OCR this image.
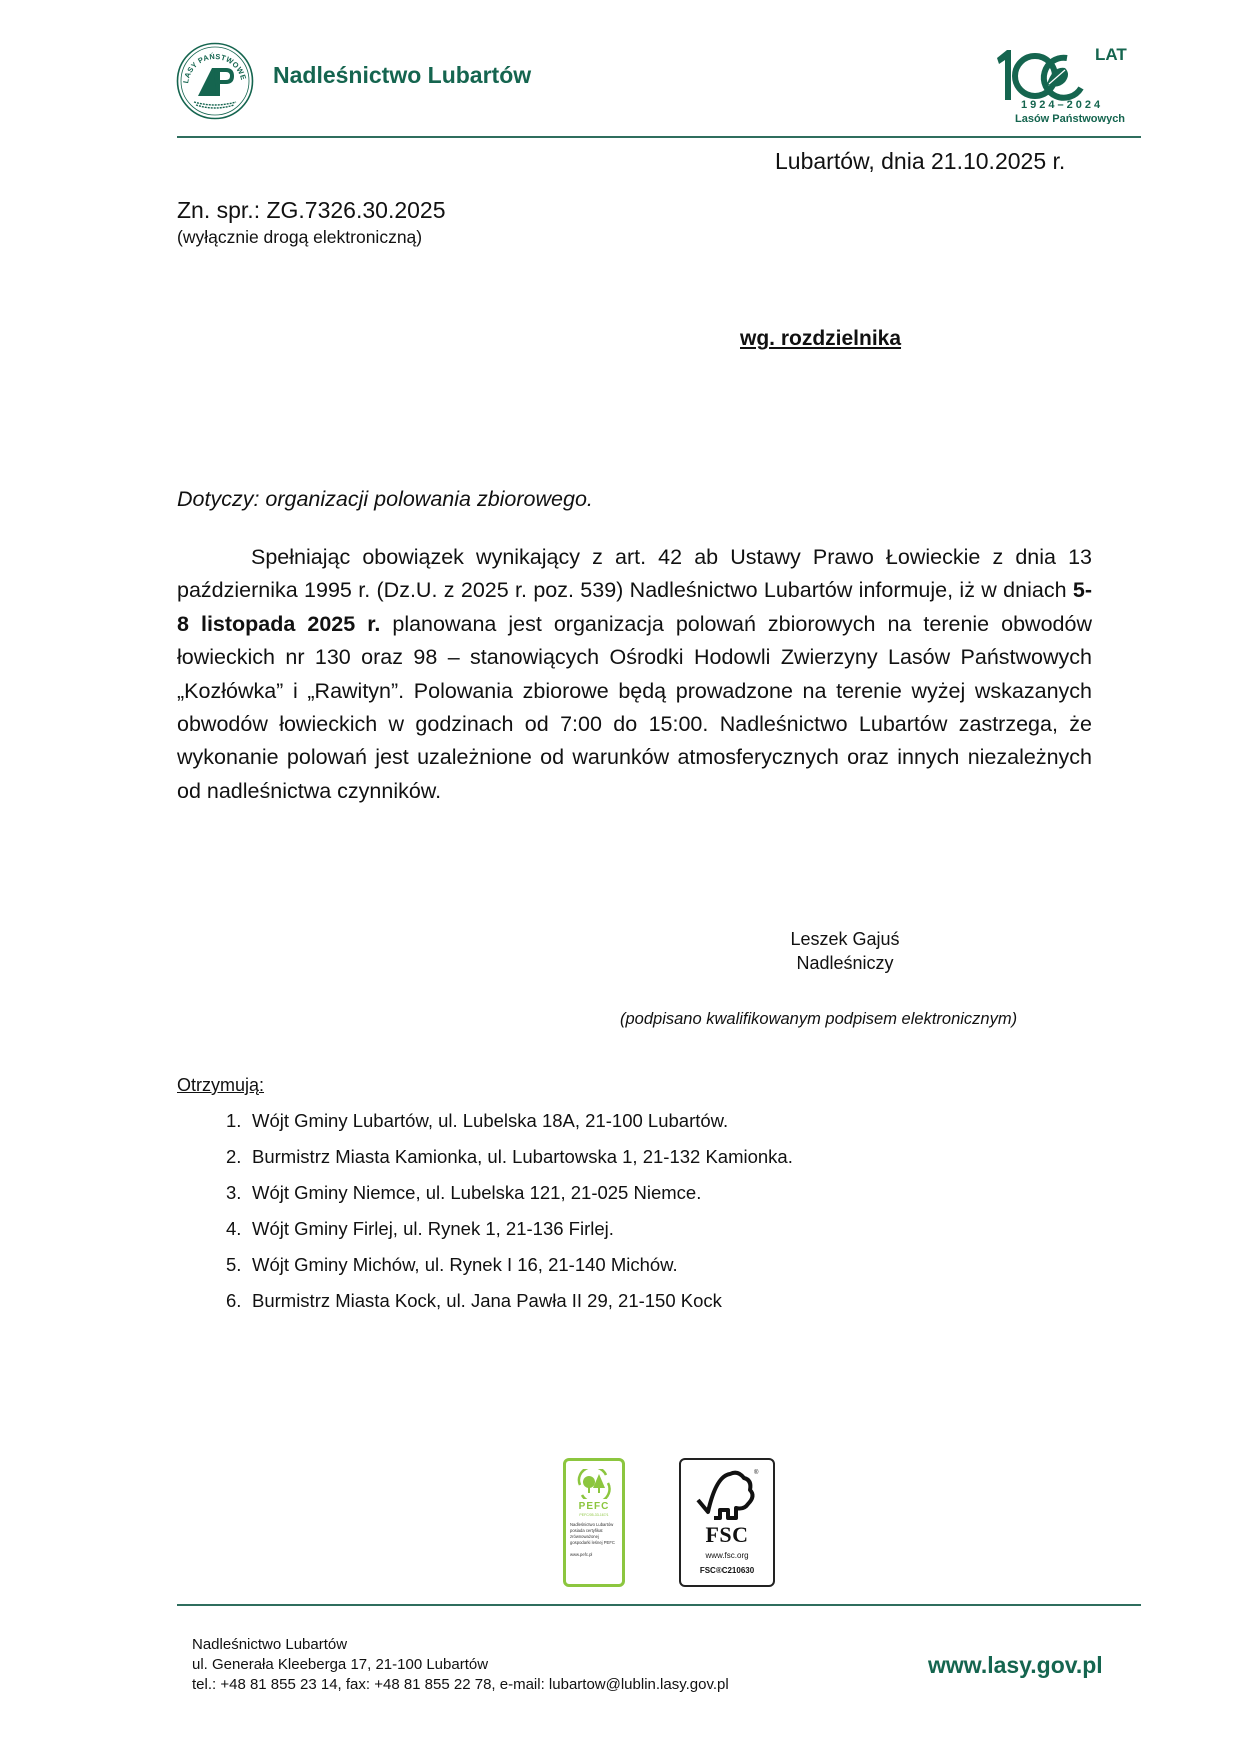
LASY PAŃSTWOWE Nadleśnictwo Lubartów
LAT
1924–2024
Lasów Państwowych
Lubartów, dnia 21.10.2025 r.
Zn. spr.: ZG.7326.30.2025
(wyłącznie drogą elektroniczną)
wg. rozdzielnika
Dotyczy: organizacji polowania zbiorowego.
Spełniając obowiązek wynikający z art. 42 ab Ustawy Prawo Łowieckie z dnia 13 października 1995 r. (Dz.U. z 2025 r. poz. 539) Nadleśnictwo Lubartów informuje, iż w dniach 5-8 listopada 2025 r. planowana jest organizacja polowań zbiorowych na terenie obwodów łowieckich nr 130 oraz 98 – stanowiących Ośrodki Hodowli Zwierzyny Lasów Państwowych „Kozłówka” i „Rawityn”. Polowania zbiorowe będą prowadzone na terenie wyżej wskazanych obwodów łowieckich w godzinach od 7:00 do 15:00. Nadleśnictwo Lubartów zastrzega, że wykonanie polowań jest uzależnione od warunków atmosferycznych oraz innych niezależnych od nadleśnictwa czynników.
Leszek Gajuś
Nadleśniczy
(podpisano kwalifikowanym podpisem elektronicznym)
Otrzymują:
1. Wójt Gminy Lubartów, ul. Lubelska 18A, 21-100 Lubartów.
2. Burmistrz Miasta Kamionka, ul. Lubartowska 1, 21-132 Kamionka.
3. Wójt Gminy Niemce, ul. Lubelska 121, 21-025 Niemce.
4. Wójt Gminy Firlej, ul. Rynek 1, 21-136 Firlej.
5. Wójt Gminy Michów, ul. Rynek I 16, 21-140 Michów.
6. Burmistrz Miasta Kock, ul. Jana Pawła II 29, 21-150 Kock
PEFC
PEFC/05-33-167/1
Nadleśnictwo Lubartów posiada certyfikat zrównoważonej gospodarki leśnej PEFC
www.pefc.pl
®
FSC
www.fsc.org
FSC®C210630
Nadleśnictwo Lubartów
ul. Generała Kleeberga 17, 21-100 Lubartów
tel.: +48 81 855 23 14, fax: +48 81 855 22 78, e-mail: lubartow@lublin.lasy.gov.pl
www.lasy.gov.pl
